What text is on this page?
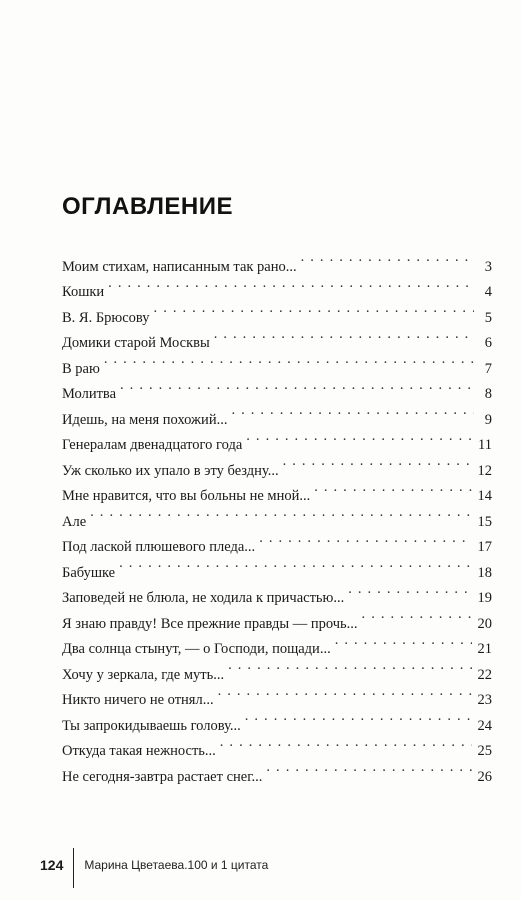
ОГЛАВЛЕНИЕ
Моим стихам, написанным так рано... . . .	3
Кошки . . .	4
В. Я. Брюсову . . .	5
Домики старой Москвы . . .	6
В раю . . .	7
Молитва . . .	8
Идешь, на меня похожий... . . .	9
Генералам двенадцатого года . . .	11
Уж сколько их упало в эту бездну... . . .	12
Мне нравится, что вы больны не мной... . . .	14
Але . . .	15
Под лаской плюшевого пледа... . . .	17
Бабушке . . .	18
Заповедей не блюла, не ходила к причастью... . . .	19
Я знаю правду! Все прежние правды — прочь... . . .	20
Два солнца стынут, — о Господи, пощади... . . .	21
Хочу у зеркала, где муть... . . .	22
Никто ничего не отнял... . . .	23
Ты запрокидываешь голову... . . .	24
Откуда такая нежность... . . .	25
Не сегодня-завтра растает снег... . . .	26
124	Марина Цветаева.100 и 1 цитата
